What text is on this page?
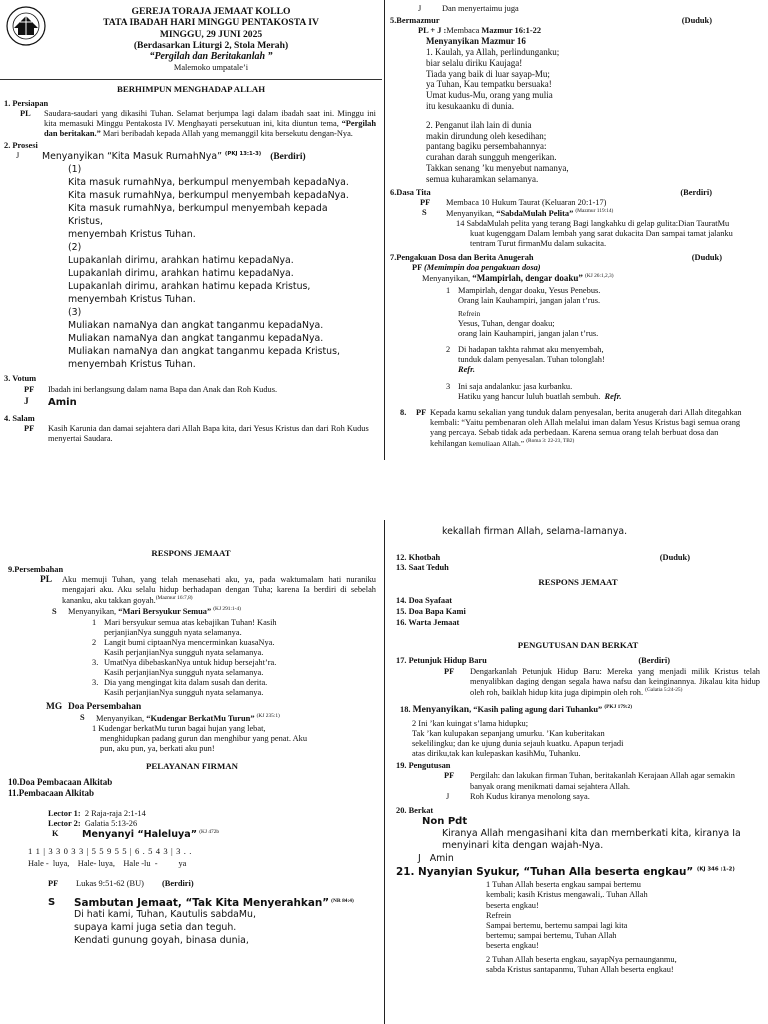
GEREJA TORAJA JEMAAT KOLLO
TATA IBADAH HARI MINGGU PENTAKOSTA IV
MINGGU, 29 JUNI 2025
(Berdasarkan Liturgi 2, Stola Merah)
“Pergilah dan Beritakanlah ”
Malemoko umpatale’i
BERHIMPUN MENGHADAP ALLAH
1. Persiapan
PL	Saudara-saudari yang dikasihi Tuhan. Selamat berjumpa lagi dalam ibadah saat ini. Minggu ini kita memasuki Minggu Pentakosta IV. Menghayati persekutuan ini, kita diuntun tema, “Pergilah dan beritakan.” Mari beribadah kepada Allah yang memanggil kita bersekutu dengan-Nya.

2. Prosesi
J	Menyanyikan “Kita Masuk RumahNya” $^{(PKJ 13:1-3)}$ (Berdiri)

(1)
Kita masuk rumahNya, berkumpul menyembah kepadaNya.
Kita masuk rumahNya, berkumpul menyembah kepadaNya.
Kita masuk rumahNya, berkumpul menyembah kepada
Kristus,
menyembah Kristus Tuhan.
(2)
Lupakanlah dirimu, arahkan hatimu kepadaNya.
Lupakanlah dirimu, arahkan hatimu kepadaNya.
Lupakanlah dirimu, arahkan hatimu kepada Kristus,
menyembah Kristus Tuhan.
(3)
Muliakan namaNya dan angkat tanganmu kepadaNya.
Muliakan namaNya dan angkat tanganmu kepadaNya.
Muliakan namaNya dan angkat tanganmu kepada Kristus,
menyembah Kristus Tuhan.
3. Votum
PF	Ibadah ini berlangsung dalam nama Bapa dan Anak dan Roh Kudus.

J	Amin

4. Salam
PF	Kasih Karunia dan damai sejahtera dari Allah Bapa kita, dari Yesus Kristus dan dari Roh Kudus menyertai Saudara.

J Dan menyertaimu juga
5.Bermazmur	(Duduk)
PL + J :Membaca Mazmur 16:1-22
Menyanyikan Mazmur 16
1. Kaulah, ya Allah, perlindunganku;
biar selalu diriku Kaujaga!
Tiada yang baik di luar sayap-Mu;
ya Tuhan, Kau tempatku bersuaka!
Umat kudus-Mu, orang yang mulia
itu kesukaanku di dunia.
2. Penganut ilah lain di dunia
makin dirundung oleh kesedihan;
pantang bagiku persembahannya:
curahan darah sungguh mengerikan.
Takkan senang ’ku menyebut namanya,
semua kuharamkan selamanya.
6.Dasa Tita	(Berdiri)
PF Membaca 10 Hukum Taurat (Keluaran 20:1-17)
S Menyanyikan, “SabdaMulah Pelita” $^{(Mazmur 119:14)}$

14 SabdaMulah pelita yang terang Bagi langkahku di gelap gulita:Dian TauratMu kuat kugenggam Dalam lembah yang sarat dukacita Dan sampai tamat jalanku tentram Turut firmanMu dalam sukacita.

7.Pengakuan Dosa dan Berita Anugerah	(Duduk)
PF (Memimpin doa pengakuan dosa)
Menyanyikan, “Mampirlah, dengar doaku” $^{(KJ 26:1,2,3)}$
1 Mampirlah, dengar doaku, Yesus Penebus.
Orang lain Kauhampiri, jangan jalan t’rus.
Refrein
Yesus, Tuhan, dengar doaku;
orang lain Kauhampiri, jangan jalan t’rus.
2 Di hadapan takhta rahmat aku menyembah,
tunduk dalam penyesalan. Tuhan tolonglah!
Refr.
3 Ini saja andalanku: jasa kurbanku.
Hatiku yang hancur luluh buatlah sembuh. Refr.
8. PF Kepada kamu sekalian yang tunduk dalam penyesalan, berita anugerah dari Allah ditegahkan kembali: “Yaitu pembenaran oleh Allah melalui iman dalam Yesus Kristus bagi semua orang yang percaya. Sebab tidak ada perbedaan. Karena semua orang telah berbuat dosa dan kehilangan kemuliaan Allah.” $^{(Roma 3: 22-23, TB2)}$

RESPONS JEMAAT
9.Persembahan
PL Aku memuji Tuhan, yang telah menasehati aku, ya, pada waktumalam hati nuraniku mengajari aku. Aku selalu hidup berhadapan dengan Tuha; karena Ia berdiri di sebelah kananku, aku takkan goyah.$^{(Mazmur 16:7,8)}$

S Menyanyikan, “Mari Bersyukur Semua” $^{(KJ 291:1-4)}$
1 Mari bersyukur semua atas kebajikan Tuhan! Kasih perjanjianNya sungguh nyata selamanya.

2 Langit bumi ciptaanNya mencerminkan kuasaNya. Kasih perjanjianNya sungguh nyata selamanya.

3. UmatNya dibebaskanNya untuk hidup bersejaht’ra. Kasih perjanjianNya sungguh nyata selamanya.

3. Dia yang mengingat kita dalam susah dan derita. Kasih perjanjianNya sungguh nyata selamanya.

MG Doa Persembahan
S Menyanyikan, “Kudengar BerkatMu Turun” $^{(KJ 235:1)}$

1 Kudengar berkatMu turun bagai hujan yang lebat, menghidupkan padang gurun dan menghibur yang penat. Aku pun, aku pun, ya, berkati aku pun!

PELAYANAN FIRMAN
10.Doa Pembacaan Alkitab
11.Pembacaan Alkitab
Lector 1: 2 Raja-raja 2:1-14
Lector 2: Galatia 5:13-26
K Menyanyi “Haleluya” $^{(KJ 472b}$
1 1 | 3 3 0 3 3 | 5 5 9 5 5 | 6 . 5 4 3 | 3 . .
Hale -  luya,    Hale- luya,    Hale -lu  -          ya
PF Lukas 9:51-62 (BU) (Berdiri)
S Sambutan Jemaat, “Tak Kita Menyerahkan” $^{(NR 84:4)}$
Di hati kami, Tuhan, Kautulis sabdaMu,
supaya kami juga setia dan teguh.
Kendati gunung goyah, binasa dunia,
kekallah firman Allah, selama-lamanya.
12. Khotbah	(Duduk)
13. Saat Teduh
RESPONS JEMAAT
14. Doa Syafaat
15. Doa Bapa Kami
16. Warta Jemaat
PENGUTUSAN DAN BERKAT
17. Petunjuk Hidup Baru	(Berdiri)
PF Dengarkanlah Petunjuk Hidup Baru: Mereka yang menjadi milik Kristus telah menyalibkan daging dengan segala hawa nafsu dan keinginannya. Jikalau kita hidup oleh roh, baiklah hidup kita juga dipimpin oleh roh. $^{(Galatia 5:24-25)}$

18. Menyanyikan, “Kasih paling agung dari Tuhanku” $^{(PKJ 179:2)}$
2 Ini ’kan kuingat s’lama hidupku;
Tak ’kan kulupakan sepanjang umurku. ’Kan kuberitakan
sekelilingku; dan ke ujung dunia sejauh kuatku. Apapun terjadi
atas diriku,tak kan kulepaskan kasihMu, Tuhanku.
19. Pengutusan
PF Pergilah: dan lakukan firman Tuhan, beritakanlah Kerajaan Allah agar semakin banyak orang menikmati damai sejahtera Allah.

J Roh Kudus kiranya menolong saya.

20. Berkat
Non Pdt

Kiranya Allah mengasihani kita dan memberkati kita, kiranya Ia menyinari kita dengan wajah-Nya.

J Amin
21. Nyanyian Syukur, “Tuhan Alla beserta engkau” $^{(KJ 346 :1-2)}$
1 Tuhan Allah beserta engkau sampai bertemu
kembali; kasih Kristus mengawali,. Tuhan Allah
beserta engkau!
Refrein
Sampai bertemu, bertemu sampai lagi kita
bertemu; sampai bertemu, Tuhan Allah
beserta engkau!
2 Tuhan Allah beserta engkau, sayapNya pernaunganmu,
sabda Kristus santapanmu, Tuhan Allah beserta engkau!
